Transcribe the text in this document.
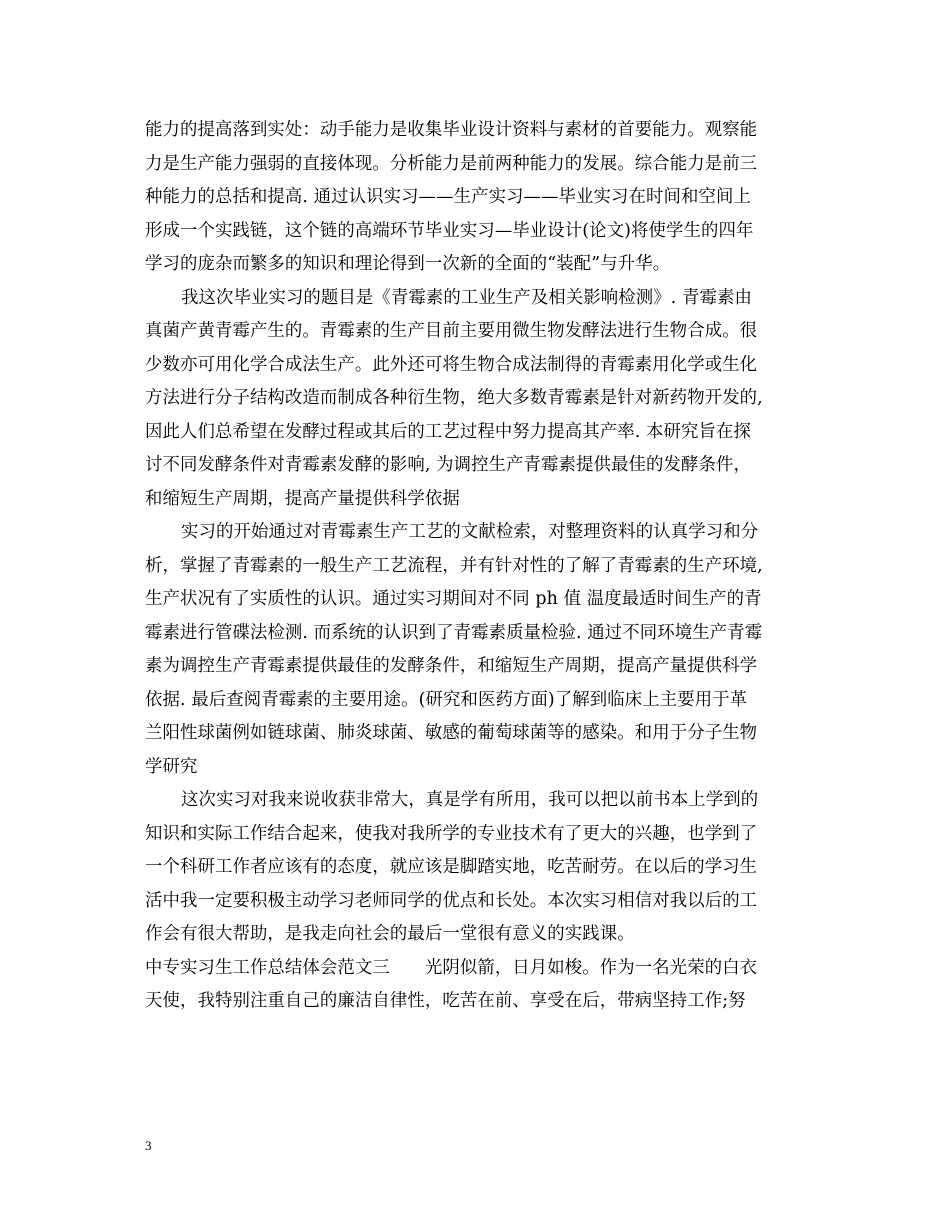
能力的提高落到实处：动手能力是收集毕业设计资料与素材的首要能力。观察能
力是生产能力强弱的直接体现。分析能力是前两种能力的发展。综合能力是前三
种能力的总括和提高. 通过认识实习——生产实习——毕业实习在时间和空间上
形成一个实践链，这个链的高端环节毕业实习—毕业设计(论文)将使学生的四年
学习的庞杂而繁多的知识和理论得到一次新的全面的“装配”与升华。
我这次毕业实习的题目是《青霉素的工业生产及相关影响检测》. 青霉素由
真菌产黄青霉产生的。青霉素的生产目前主要用微生物发酵法进行生物合成。很
少数亦可用化学合成法生产。此外还可将生物合成法制得的青霉素用化学或生化
方法进行分子结构改造而制成各种衍生物，绝大多数青霉素是针对新药物开发的,
因此人们总希望在发酵过程或其后的工艺过程中努力提高其产率. 本研究旨在探
讨不同发酵条件对青霉素发酵的影响, 为调控生产青霉素提供最佳的发酵条件，
和缩短生产周期，提高产量提供科学依据
实习的开始通过对青霉素生产工艺的文献检索，对整理资料的认真学习和分
析，掌握了青霉素的一般生产工艺流程，并有针对性的了解了青霉素的生产环境,
生产状况有了实质性的认识。通过实习期间对不同 ph 值 温度最适时间生产的青
霉素进行管碟法检测. 而系统的认识到了青霉素质量检验. 通过不同环境生产青霉
素为调控生产青霉素提供最佳的发酵条件，和缩短生产周期，提高产量提供科学
依据. 最后查阅青霉素的主要用途。(研究和医药方面)了解到临床上主要用于革
兰阳性球菌例如链球菌、肺炎球菌、敏感的葡萄球菌等的感染。和用于分子生物
学研究
这次实习对我来说收获非常大，真是学有所用，我可以把以前书本上学到的
知识和实际工作结合起来，使我对我所学的专业技术有了更大的兴趣，也学到了
一个科研工作者应该有的态度，就应该是脚踏实地，吃苦耐劳。在以后的学习生
活中我一定要积极主动学习老师同学的优点和长处。本次实习相信对我以后的工
作会有很大帮助，是我走向社会的最后一堂很有意义的实践课。
中专实习生工作总结体会范文三　　光阴似箭，日月如梭。作为一名光荣的白衣
天使，我特别注重自己的廉洁自律性，吃苦在前、享受在后，带病坚持工作;努
3
